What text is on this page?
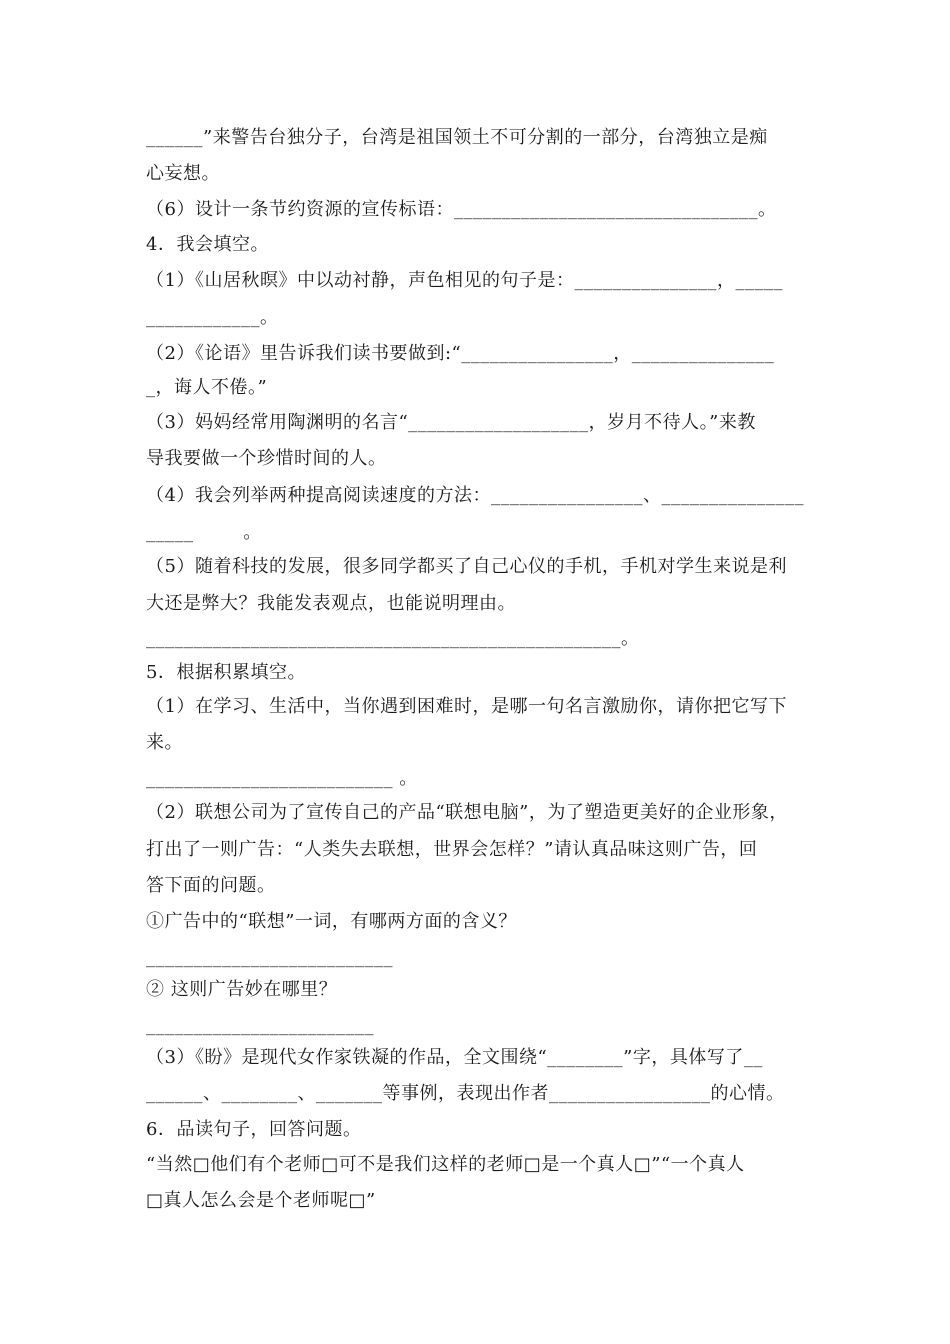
______”来警告台独分子，台湾是祖国领土不可分割的一部分，台湾独立是痴
心妄想。
（6）设计一条节约资源的宣传标语：________________________________。
4．我会填空。
（1）《山居秋暝》中以动衬静，声色相见的句子是：_______________，_____
____________。
（2）《论语》里告诉我们读书要做到:“________________，_______________
_，诲人不倦。”
（3）妈妈经常用陶渊明的名言“___________________，岁月不待人。”来教
导我要做一个珍惜时间的人。
（4）我会列举两种提高阅读速度的方法：________________、_______________
_____        。
（5）随着科技的发展，很多同学都买了自己心仪的手机，手机对学生来说是利
大还是弊大？我能发表观点，也能说明理由。
__________________________________________________。
5．根据积累填空。
（1）在学习、生活中，当你遇到困难时，是哪一句名言激励你，请你把它写下
来。
__________________________ 。
（2）联想公司为了宣传自己的产品“联想电脑”，为了塑造更美好的企业形象，
打出了一则广告：“人类失去联想，世界会怎样？”请认真品味这则广告，回
答下面的问题。
①广告中的“联想”一词，有哪两方面的含义？
__________________________
② 这则广告妙在哪里？
________________________
（3）《盼》是现代女作家铁凝的作品，全文围绕“________”字，具体写了__
______、________、_______等事例，表现出作者_________________的心情。
6．品读句子，回答问题。
“当然□他们有个老师□可不是我们这样的老师□是一个真人□”“一个真人
□真人怎么会是个老师呢□”
